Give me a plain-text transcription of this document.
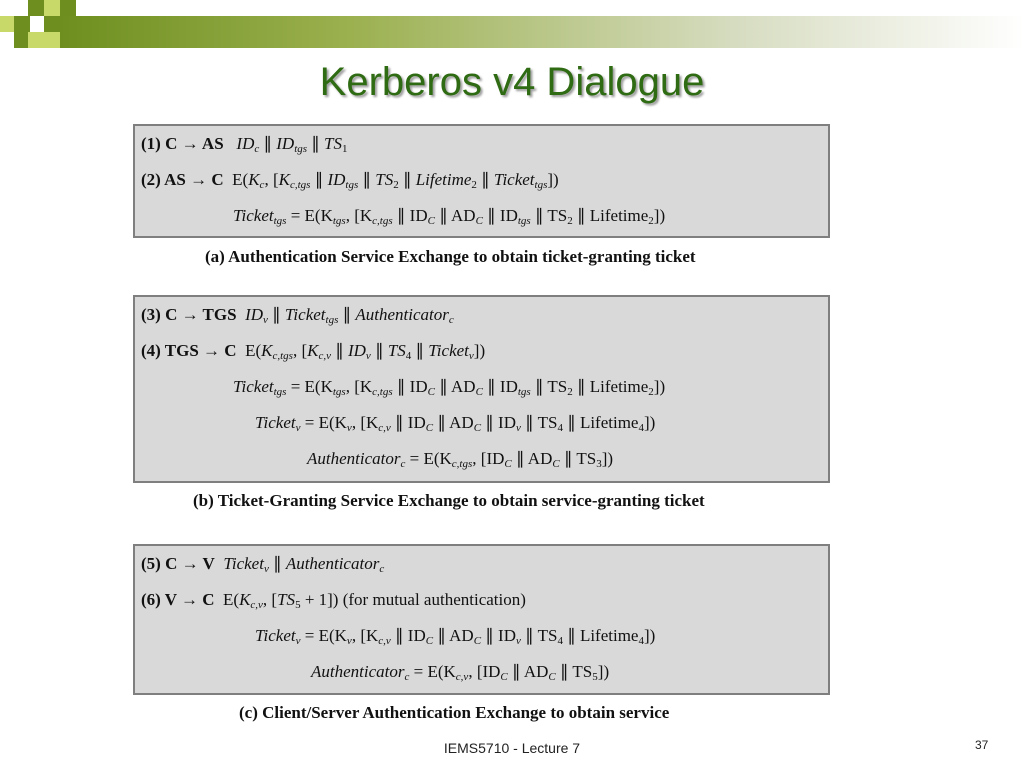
Kerberos v4 Dialogue
(1) C → AS $ID_c$ ∥ $ID_{tgs}$ ∥ $TS_1$
(2) AS → C $E(K_c$, [$K_{c,tgs}$ ∥ $ID_{tgs}$ ∥ $TS_2$ ∥ Lifetime$_2$ ∥ Ticket$_{tgs}$])
Ticket$_{tgs}$ = $E(K_{tgs}$, [$K_{c,tgs}$ ∥ $ID_C$ ∥ $AD_C$ ∥ $ID_{tgs}$ ∥ $TS_2$ ∥ Lifetime$_2$])
(a) Authentication Service Exchange to obtain ticket-granting ticket
(3) C → TGS $ID_v$ ∥ Ticket$_{tgs}$ ∥ Authenticator$_c$
(4) TGS → C $E(K_{c,tgs}$, [$K_{c,v}$ ∥ $ID_v$ ∥ $TS_4$ ∥ Ticket$_v$])
Ticket$_{tgs}$ = $E(K_{tgs}$, [$K_{c,tgs}$ ∥ $ID_C$ ∥ $AD_C$ ∥ $ID_{tgs}$ ∥ $TS_2$ ∥ Lifetime$_2$])
Ticket$_v$ = $E(K_v$, [$K_{c,v}$ ∥ $ID_C$ ∥ $AD_C$ ∥ $ID_v$ ∥ $TS_4$ ∥ Lifetime$_4$])
Authenticator$_c$ = $E(K_{c,tgs}$, [$ID_C$ ∥ $AD_C$ ∥ $TS_3$])
(b) Ticket-Granting Service Exchange to obtain service-granting ticket
(5) C → V Ticket$_v$ ∥ Authenticator$_c$
(6) V → C $E(K_{c,v}$, $[TS_5 + 1]$) (for mutual authentication)
Ticket$_v$ = $E(K_v$, [$K_{c,v}$ ∥ $ID_C$ ∥ $AD_C$ ∥ $ID_v$ ∥ $TS_4$ ∥ Lifetime$_4$])
Authenticator$_c$ = $E(K_{c,v}$, [$ID_C$ ∥ $AD_C$ ∥ $TS_5$])
(c) Client/Server Authentication Exchange to obtain service
IEMS5710 - Lecture 7	37
